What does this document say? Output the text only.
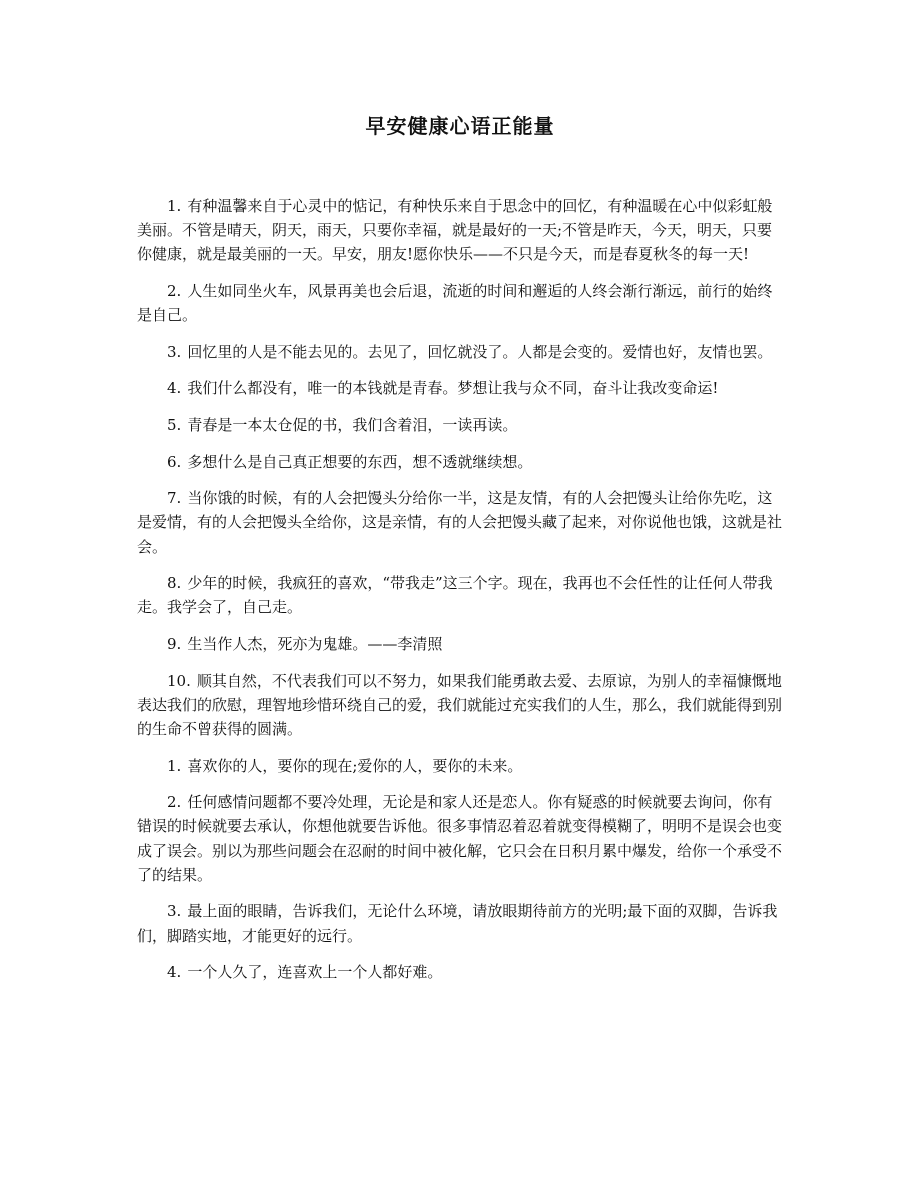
早安健康心语正能量

1. 有种温馨来自于心灵中的惦记，有种快乐来自于思念中的回忆，有种温暖在心中似彩虹般美丽。不管是晴天，阴天，雨天，只要你幸福，就是最好的一天;不管是昨天，今天，明天，只要你健康，就是最美丽的一天。早安，朋友!愿你快乐——不只是今天，而是春夏秋冬的每一天!

2. 人生如同坐火车，风景再美也会后退，流逝的时间和邂逅的人终会渐行渐远，前行的始终是自己。

3. 回忆里的人是不能去见的。去见了，回忆就没了。人都是会变的。爱情也好，友情也罢。

4. 我们什么都没有，唯一的本钱就是青春。梦想让我与众不同，奋斗让我改变命运!

5. 青春是一本太仓促的书，我们含着泪，一读再读。

6. 多想什么是自己真正想要的东西，想不透就继续想。

7. 当你饿的时候，有的人会把馒头分给你一半，这是友情，有的人会把馒头让给你先吃，这是爱情，有的人会把馒头全给你，这是亲情，有的人会把馒头藏了起来，对你说他也饿，这就是社会。

8. 少年的时候，我疯狂的喜欢，“带我走”这三个字。现在，我再也不会任性的让任何人带我走。我学会了，自己走。

9. 生当作人杰，死亦为鬼雄。——李清照

10. 顺其自然，不代表我们可以不努力，如果我们能勇敢去爱、去原谅，为别人的幸福慷慨地表达我们的欣慰，理智地珍惜环绕自己的爱，我们就能过充实我们的人生，那么，我们就能得到别的生命不曾获得的圆满。

1. 喜欢你的人，要你的现在;爱你的人，要你的未来。

2. 任何感情问题都不要冷处理，无论是和家人还是恋人。你有疑惑的时候就要去询问，你有错误的时候就要去承认，你想他就要告诉他。很多事情忍着忍着就变得模糊了，明明不是误会也变成了误会。别以为那些问题会在忍耐的时间中被化解，它只会在日积月累中爆发，给你一个承受不了的结果。

3. 最上面的眼睛，告诉我们，无论什么环境，请放眼期待前方的光明;最下面的双脚，告诉我们，脚踏实地，才能更好的远行。

4. 一个人久了，连喜欢上一个人都好难。
